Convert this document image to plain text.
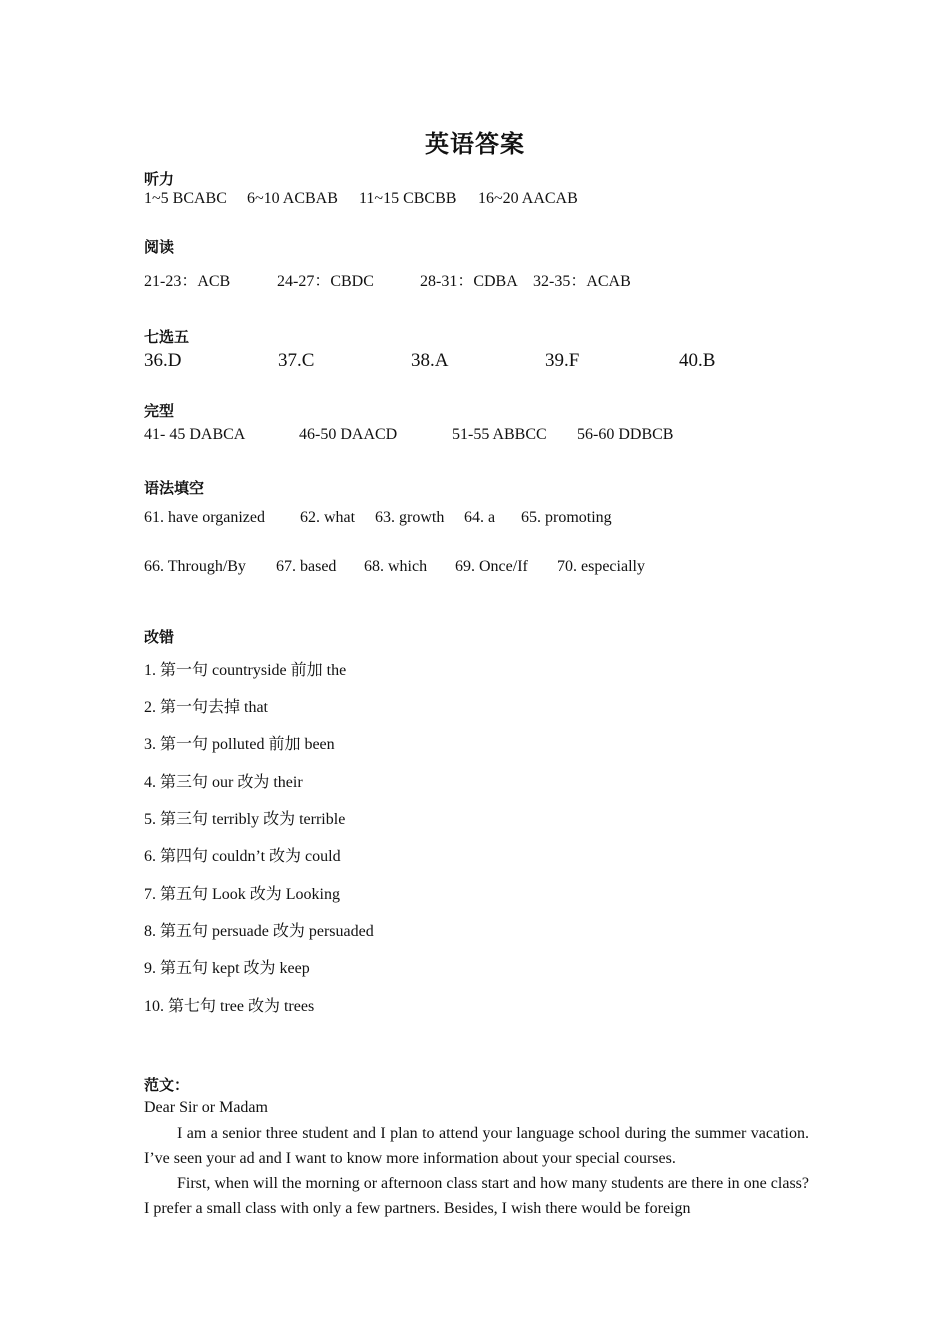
英语答案
听力
1~5 BCABC 6~10 ACBAB 11~15 CBCBB 16~20 AACAB
阅读
21-23：ACB	24-27：CBDC	28-31：CDBA 32-35：ACAB
七选五
36.D	37.C	38.A	39.F	40.B
完型
41- 45 DABCA	46-50 DAACD	51-55 ABBCC 56-60 DDBCB
语法填空
61. have organized 62. what 63. growth 64. a 65. promoting
66. Through/By 67. based 68. which 69. Once/If 70. especially
改错
1. 第一句 countryside 前加 the
2. 第一句去掉 that
3. 第一句 polluted 前加 been
4. 第三句 our 改为 their
5. 第三句 terribly 改为 terrible
6. 第四句 couldn’t 改为 could
7. 第五句 Look 改为 Looking
8. 第五句 persuade 改为 persuaded
9. 第五句 kept 改为 keep
10. 第七句 tree 改为 trees
范文：
Dear Sir or Madam
I am a senior three student and I plan to attend your language school during the summer vacation. I’ve seen your ad and I want to know more information about your special courses.
First, when will the morning or afternoon class start and how many students are there in one class? I prefer a small class with only a few partners. Besides, I wish there would be foreign
